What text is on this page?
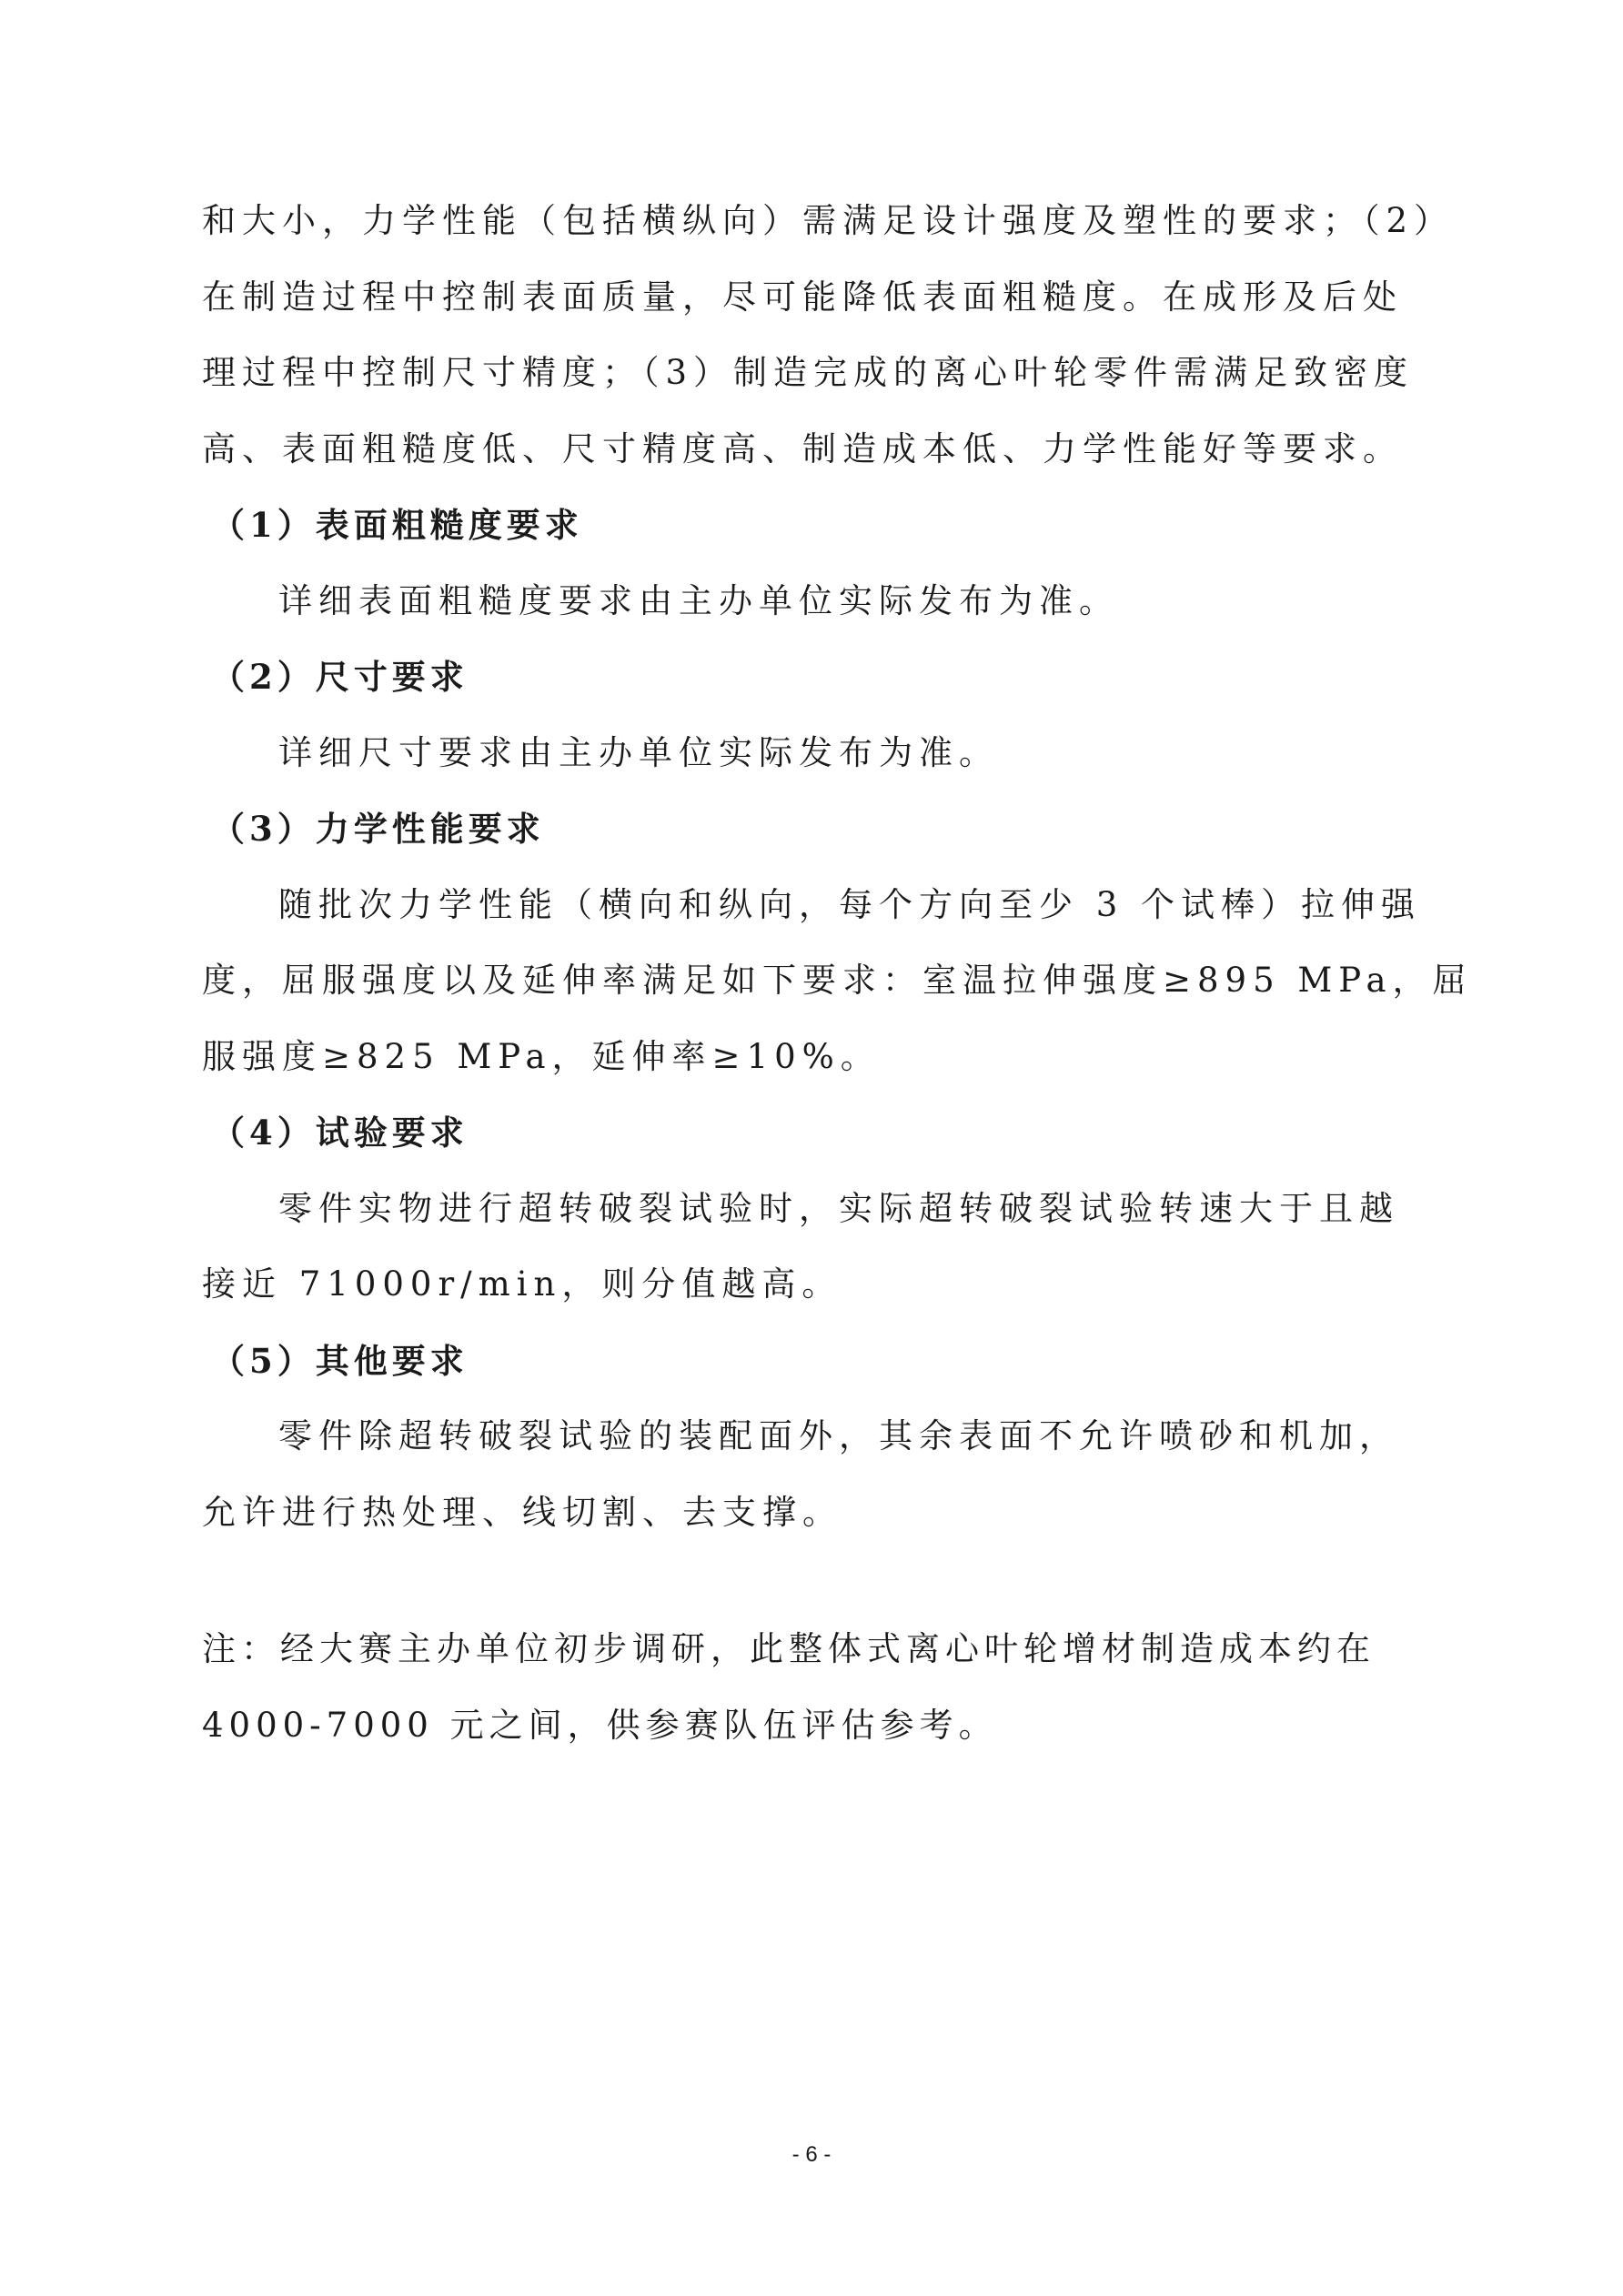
和大小，力学性能（包括横纵向）需满足设计强度及塑性的要求；（2）

在制造过程中控制表面质量，尽可能降低表面粗糙度。在成形及后处

理过程中控制尺寸精度；（3）制造完成的离心叶轮零件需满足致密度

高、表面粗糙度低、尺寸精度高、制造成本低、力学性能好等要求。

（1）表面粗糙度要求

详细表面粗糙度要求由主办单位实际发布为准。

（2）尺寸要求

详细尺寸要求由主办单位实际发布为准。

（3）力学性能要求

随批次力学性能（横向和纵向，每个方向至少 3 个试棒）拉伸强

度，屈服强度以及延伸率满足如下要求：室温拉伸强度≥895 MPa，屈

服强度≥825 MPa，延伸率≥10%。

（4）试验要求

零件实物进行超转破裂试验时，实际超转破裂试验转速大于且越

接近 71000r/min，则分值越高。

（5）其他要求

零件除超转破裂试验的装配面外，其余表面不允许喷砂和机加，

允许进行热处理、线切割、去支撑。

注：经大赛主办单位初步调研，此整体式离心叶轮增材制造成本约在

4000-7000 元之间，供参赛队伍评估参考。

- 6 -
